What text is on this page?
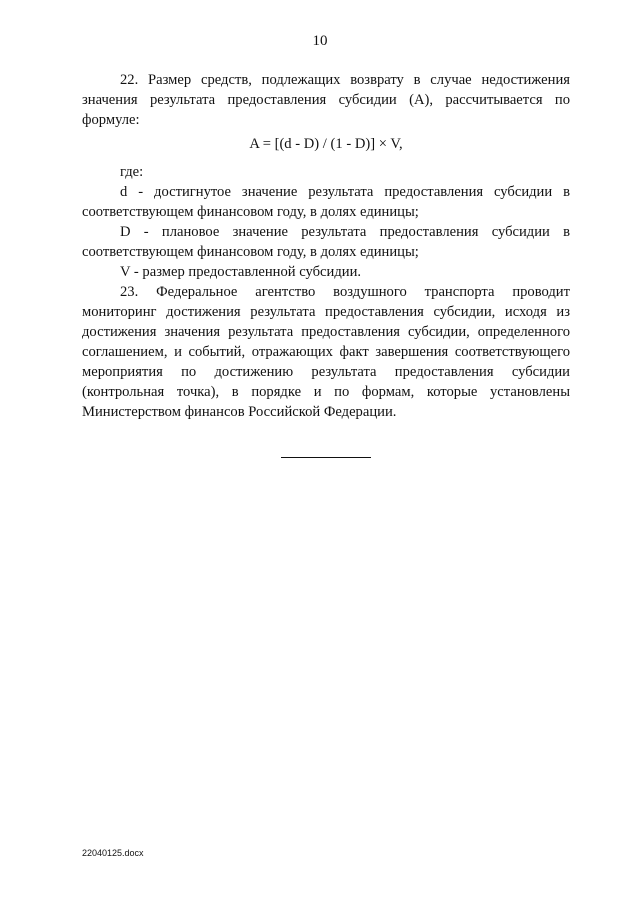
10

22. Размер средств, подлежащих возврату в случае недостижения значения результата предоставления субсидии (A), рассчитывается по формуле:

A = [(d - D) / (1 - D)] × V,

где:

d - достигнутое значение результата предоставления субсидии в соответствующем финансовом году, в долях единицы;

D - плановое значение результата предоставления субсидии в соответствующем финансовом году, в долях единицы;

V - размер предоставленной субсидии.

23. Федеральное агентство воздушного транспорта проводит мониторинг достижения результата предоставления субсидии, исходя из достижения значения результата предоставления субсидии, определенного соглашением, и событий, отражающих факт завершения соответствующего мероприятия по достижению результата предоставления субсидии (контрольная точка), в порядке и по формам, которые установлены Министерством финансов Российской Федерации.

22040125.docx
